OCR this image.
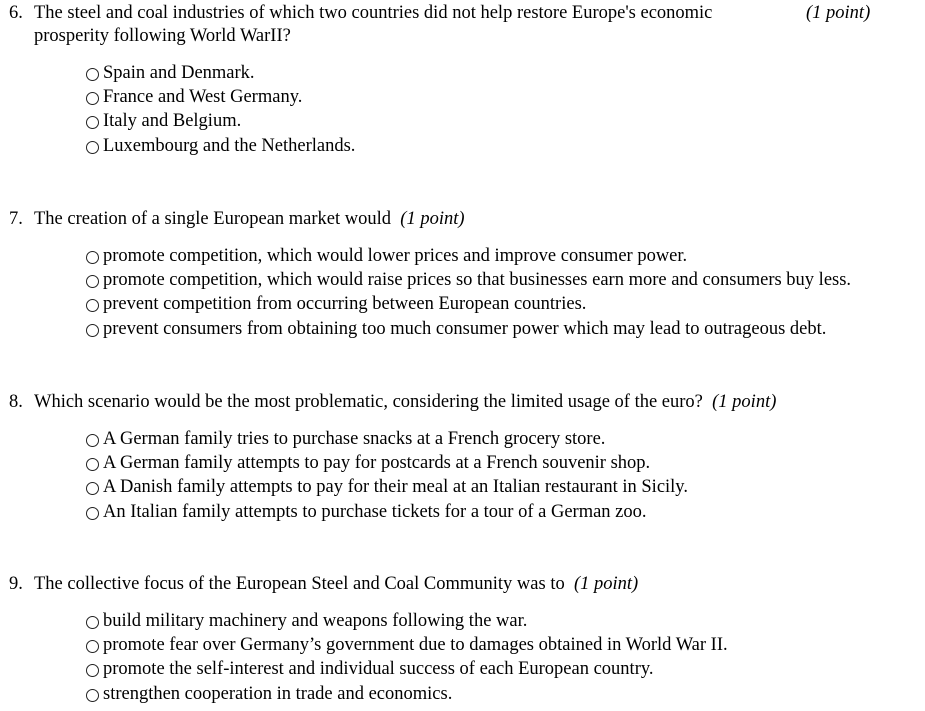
6. The steel and coal industries of which two countries did not help restore Europe's economic	(1 point)
prosperity following World WarII?
Spain and Denmark.
France and West Germany.
Italy and Belgium.
Luxembourg and the Netherlands.
7. The creation of a single European market would (1 point)
promote competition, which would lower prices and improve consumer power.
promote competition, which would raise prices so that businesses earn more and consumers buy less.
prevent competition from occurring between European countries.
prevent consumers from obtaining too much consumer power which may lead to outrageous debt.
8. Which scenario would be the most problematic, considering the limited usage of the euro? (1 point)
A German family tries to purchase snacks at a French grocery store.
A German family attempts to pay for postcards at a French souvenir shop.
A Danish family attempts to pay for their meal at an Italian restaurant in Sicily.
An Italian family attempts to purchase tickets for a tour of a German zoo.
9. The collective focus of the European Steel and Coal Community was to (1 point)
build military machinery and weapons following the war.
promote fear over Germany’s government due to damages obtained in World War II.
promote the self-interest and individual success of each European country.
strengthen cooperation in trade and economics.
